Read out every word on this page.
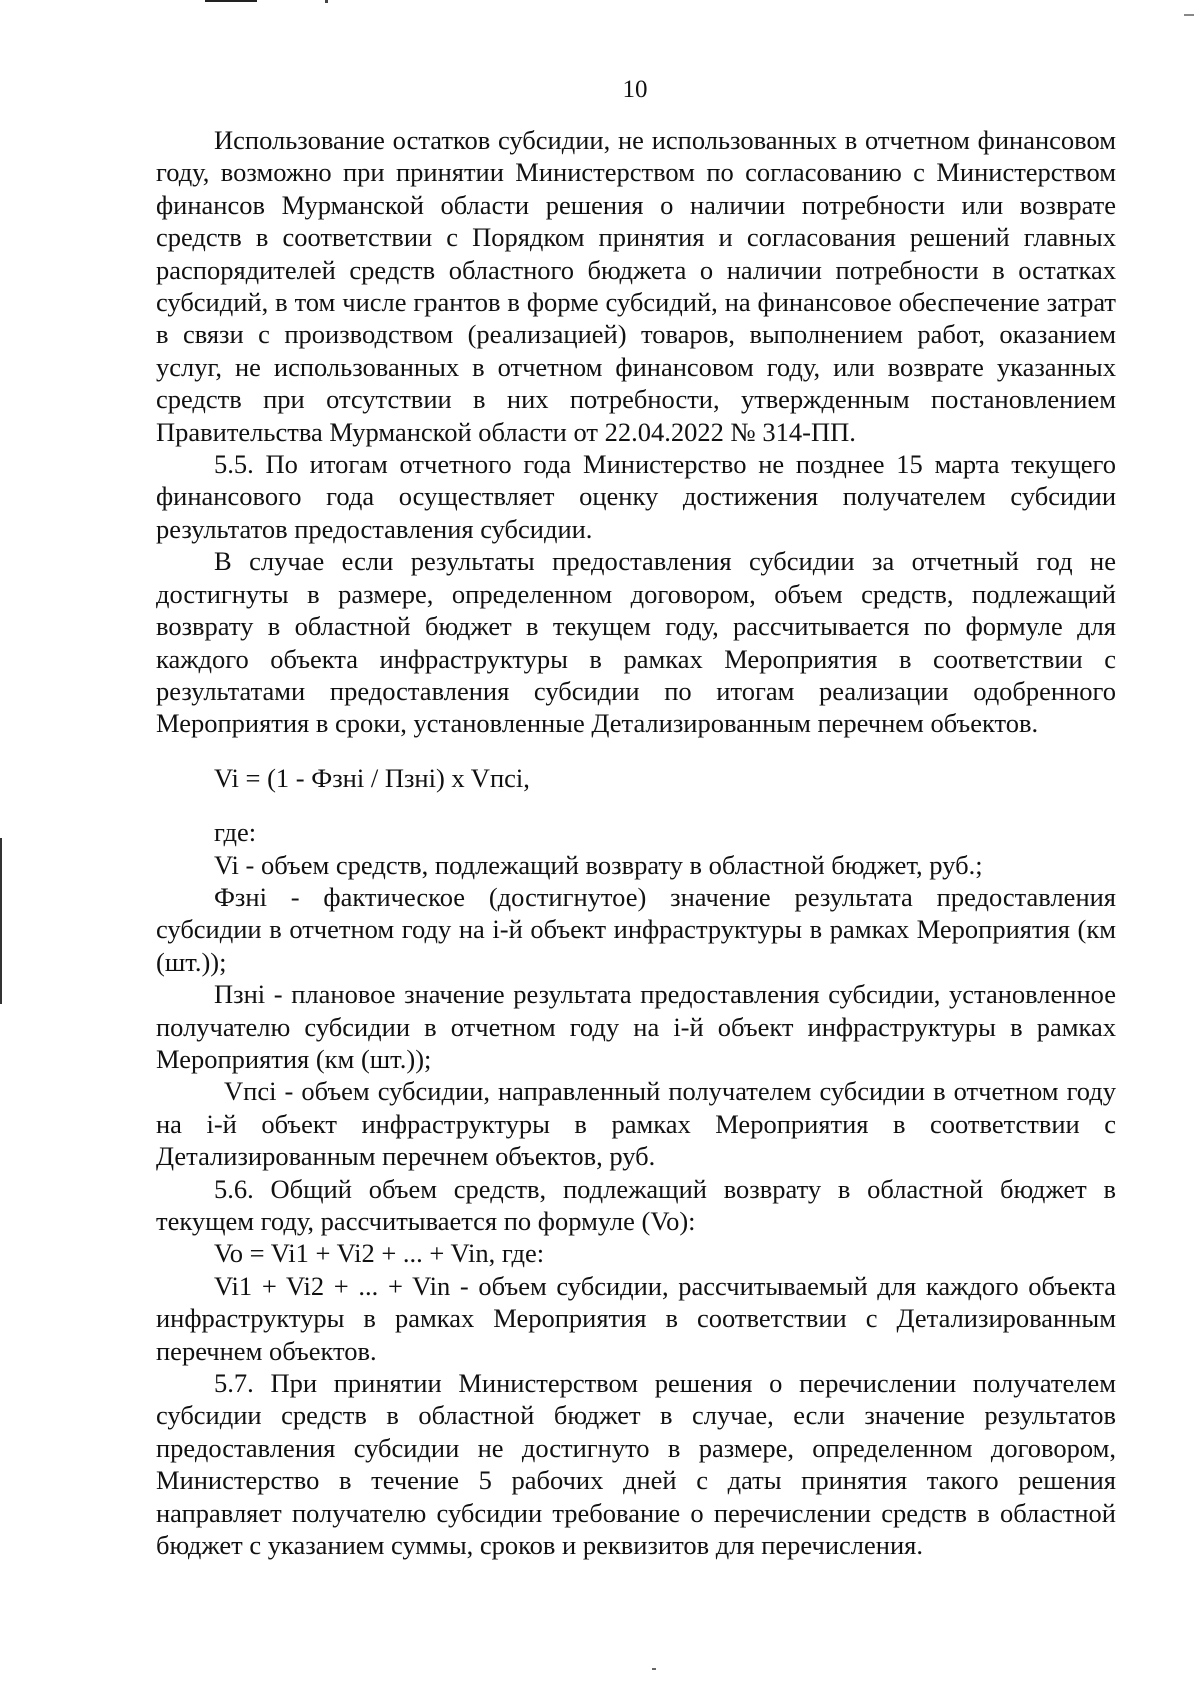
10

Использование остатков субсидии, не использованных в отчетном финансовом году, возможно при принятии Министерством по согласованию с Министерством финансов Мурманской области решения о наличии потребности или возврате средств в соответствии с Порядком принятия и согласования решений главных распорядителей средств областного бюджета о наличии потребности в остатках субсидий, в том числе грантов в форме субсидий, на финансовое обеспечение затрат в связи с производством (реализацией) товаров, выполнением работ, оказанием услуг, не использованных в отчетном финансовом году, или возврате указанных средств при отсутствии в них потребности, утвержденным постановлением Правительства Мурманской области от 22.04.2022 № 314-ПП.

5.5. По итогам отчетного года Министерство не позднее 15 марта текущего финансового года осуществляет оценку достижения получателем субсидии результатов предоставления субсидии.

В случае если результаты предоставления субсидии за отчетный год не достигнуты в размере, определенном договором, объем средств, подлежащий возврату в областной бюджет в текущем году, рассчитывается по формуле для каждого объекта инфраструктуры в рамках Мероприятия в соответствии с результатами предоставления субсидии по итогам реализации одобренного Мероприятия в сроки, установленные Детализированным перечнем объектов.

Vi = (1 - Фзнi / Пзнi) x Vпсi,

где:

Vi - объем средств, подлежащий возврату в областной бюджет, руб.;

Фзнi - фактическое (достигнутое) значение результата предоставления субсидии в отчетном году на i-й объект инфраструктуры в рамках Мероприятия (км (шт.));

Пзнi - плановое значение результата предоставления субсидии, установленное получателю субсидии в отчетном году на i-й объект инфраструктуры в рамках Мероприятия (км (шт.));

Vпсi - объем субсидии, направленный получателем субсидии в отчетном году на i-й объект инфраструктуры в рамках Мероприятия в соответствии с Детализированным перечнем объектов, руб.

5.6. Общий объем средств, подлежащий возврату в областной бюджет в текущем году, рассчитывается по формуле (Vo):

Vo = Vi1 + Vi2 + ... + Vin, где:

Vi1 + Vi2 + ... + Vin - объем субсидии, рассчитываемый для каждого объекта инфраструктуры в рамках Мероприятия в соответствии с Детализированным перечнем объектов.

5.7. При принятии Министерством решения о перечислении получателем субсидии средств в областной бюджет в случае, если значение результатов предоставления субсидии не достигнуто в размере, определенном договором, Министерство в течение 5 рабочих дней с даты принятия такого решения направляет получателю субсидии требование о перечислении средств в областной бюджет с указанием суммы, сроков и реквизитов для перечисления.
